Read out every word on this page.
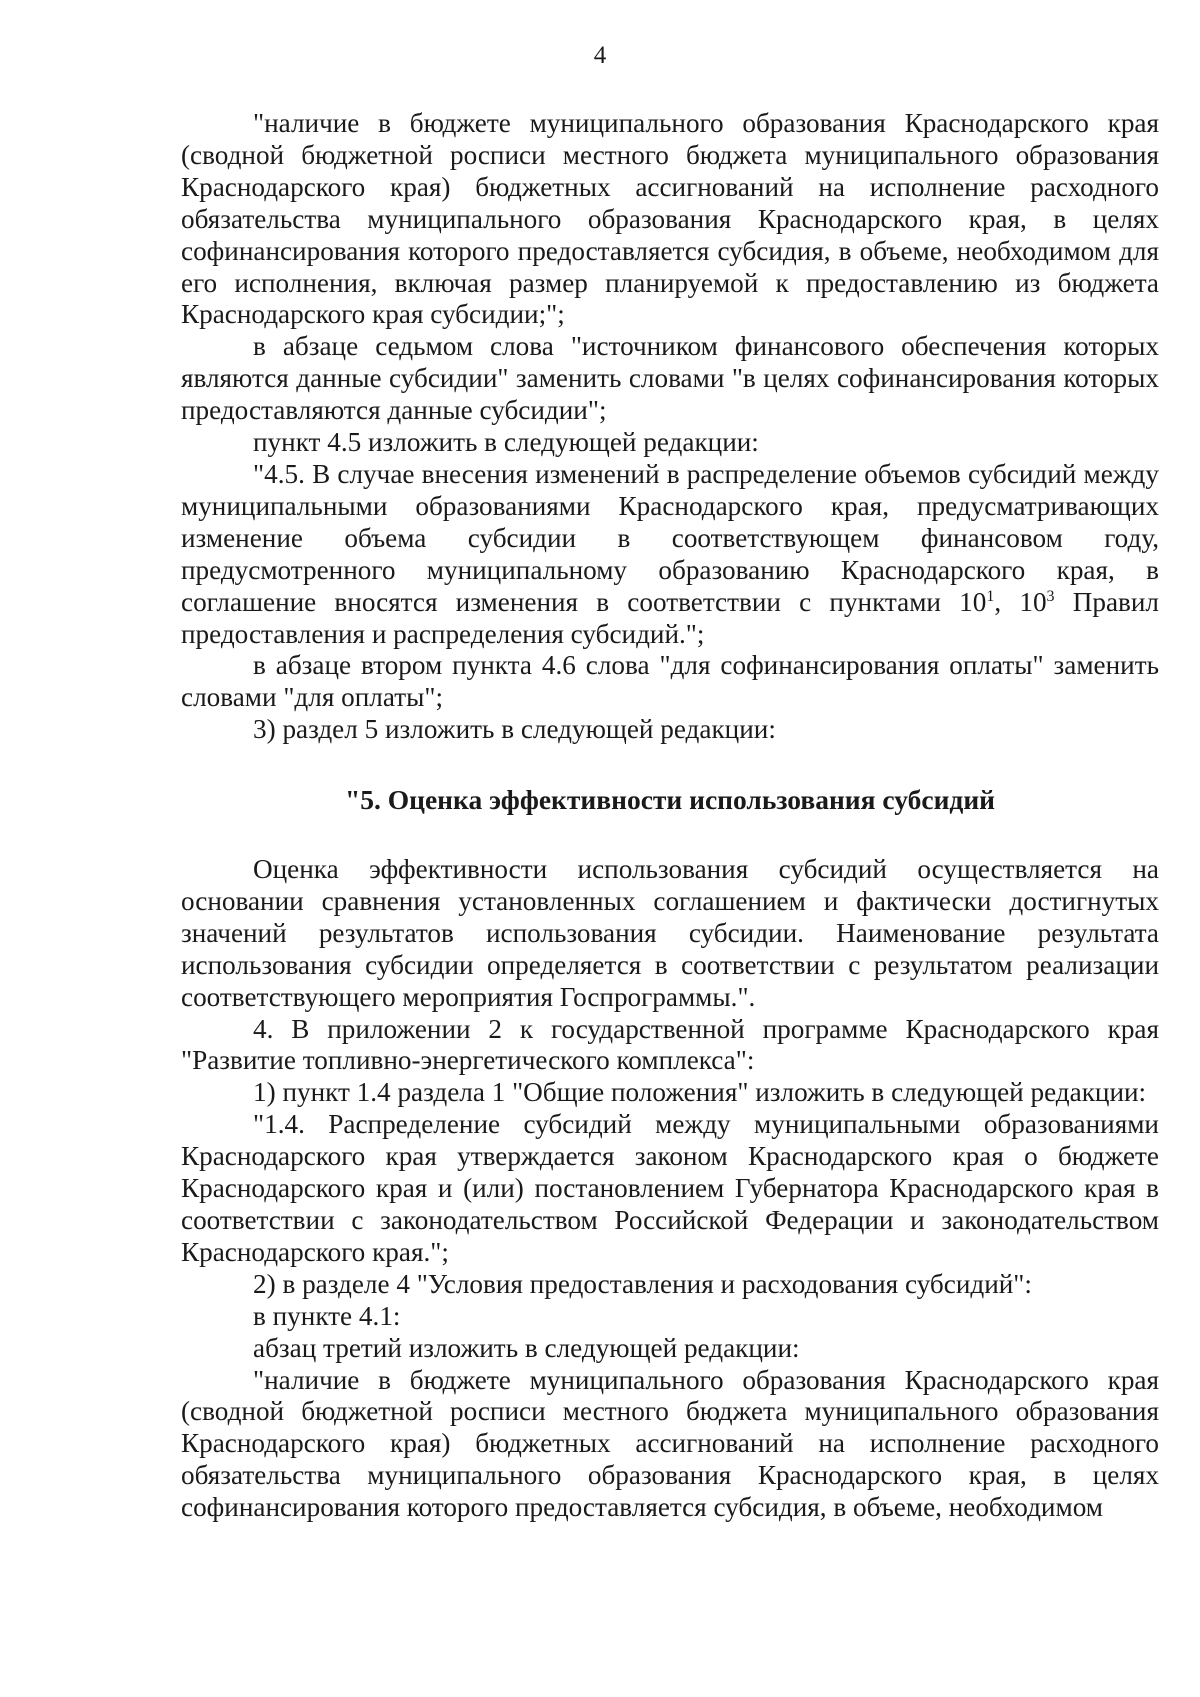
4

"наличие в бюджете муниципального образования Краснодарского края (сводной бюджетной росписи местного бюджета муниципального образования Краснодарского края) бюджетных ассигнований на исполнение расходного обязательства муниципального образования Краснодарского края, в целях софинансирования которого предоставляется субсидия, в объеме, необходимом для его исполнения, включая размер планируемой к предоставлению из бюджета Краснодарского края субсидии;";

в абзаце седьмом слова "источником финансового обеспечения которых являются данные субсидии" заменить словами "в целях софинансирования которых предоставляются данные субсидии";

пункт 4.5 изложить в следующей редакции:

"4.5. В случае внесения изменений в распределение объемов субсидий между муниципальными образованиями Краснодарского края, предусматривающих изменение объема субсидии в соответствующем финансовом году, предусмотренного муниципальному образованию Краснодарского края, в соглашение вносятся изменения в соответствии с пунктами $10^1$, $10^3$ Правил предоставления и распределения субсидий.";

в абзаце втором пункта 4.6 слова "для софинансирования оплаты" заменить словами "для оплаты";

3) раздел 5 изложить в следующей редакции:

"5. Оценка эффективности использования субсидий

Оценка эффективности использования субсидий осуществляется на основании сравнения установленных соглашением и фактически достигнутых значений результатов использования субсидии. Наименование результата использования субсидии определяется в соответствии с результатом реализации соответствующего мероприятия Госпрограммы.".

4. В приложении 2 к государственной программе Краснодарского края "Развитие топливно-энергетического комплекса":

1) пункт 1.4 раздела 1 "Общие положения" изложить в следующей редакции:

"1.4. Распределение субсидий между муниципальными образованиями Краснодарского края утверждается законом Краснодарского края о бюджете Краснодарского края и (или) постановлением Губернатора Краснодарского края в соответствии с законодательством Российской Федерации и законодательством Краснодарского края.";

2) в разделе 4 "Условия предоставления и расходования субсидий":

в пункте 4.1:

абзац третий изложить в следующей редакции:

"наличие в бюджете муниципального образования Краснодарского края (сводной бюджетной росписи местного бюджета муниципального образования Краснодарского края) бюджетных ассигнований на исполнение расходного обязательства муниципального образования Краснодарского края, в целях софинансирования которого предоставляется субсидия, в объеме, необходимом
